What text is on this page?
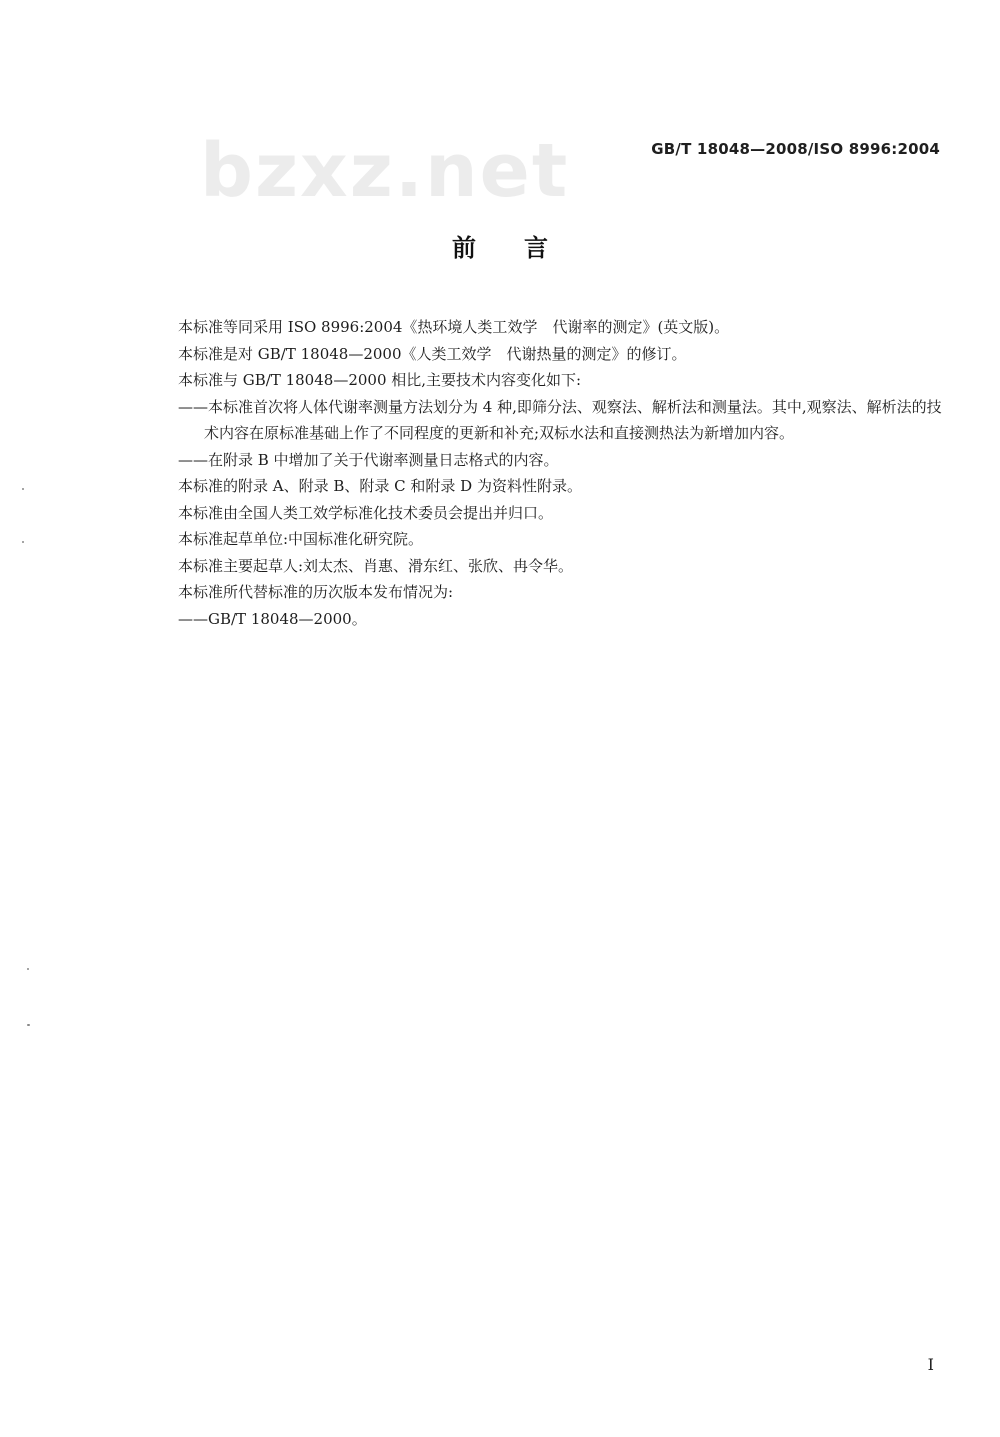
bzxz.net	GB/T 18048—2008/ISO 8996:2004
前言

本标准等同采用 ISO 8996:2004《热环境人类工效学　代谢率的测定》(英文版)。

本标准是对 GB/T 18048—2000《人类工效学　代谢热量的测定》的修订。

本标准与 GB/T 18048—2000 相比,主要技术内容变化如下:

——本标准首次将人体代谢率测量方法划分为 4 种,即筛分法、观察法、解析法和测量法。其中,观察法、解析法的技术内容在原标准基础上作了不同程度的更新和补充;双标水法和直接测热法为新增加内容。

——在附录 B 中增加了关于代谢率测量日志格式的内容。

本标准的附录 A、附录 B、附录 C 和附录 D 为资料性附录。

本标准由全国人类工效学标准化技术委员会提出并归口。

本标准起草单位:中国标准化研究院。

本标准主要起草人:刘太杰、肖惠、滑东红、张欣、冉令华。

本标准所代替标准的历次版本发布情况为:

——GB/T 18048—2000。

I
